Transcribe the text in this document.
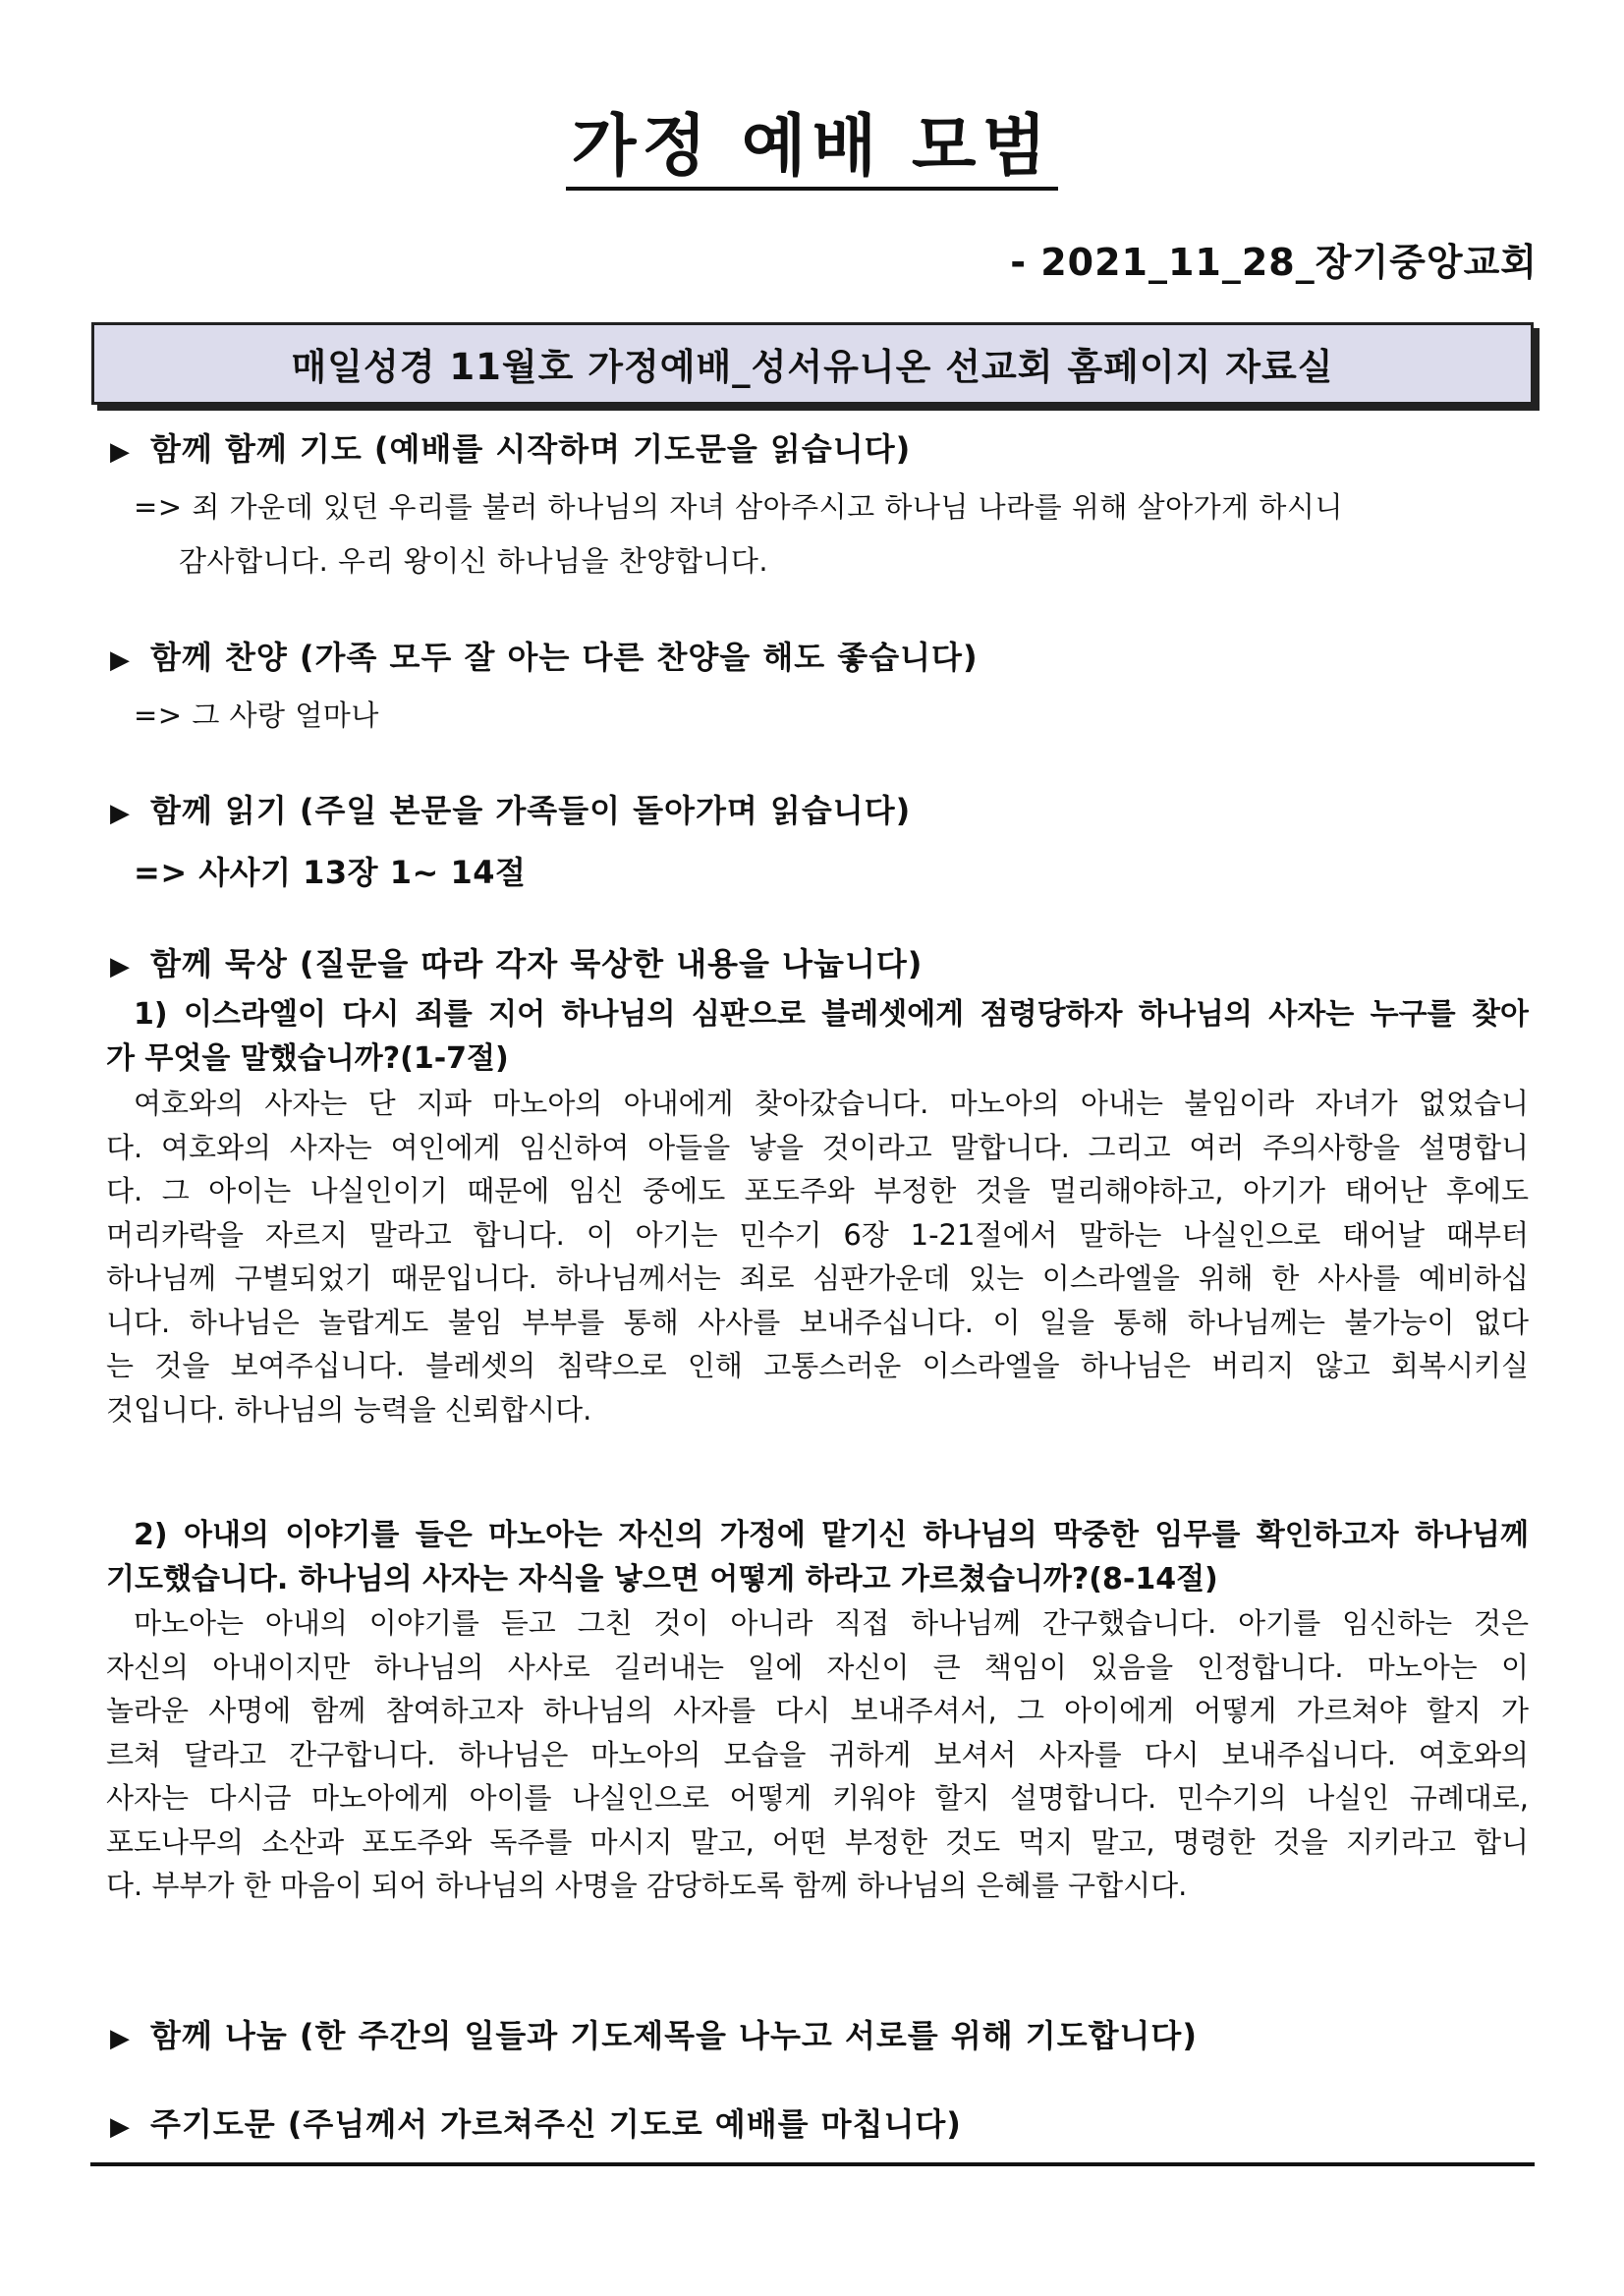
가정 예배 모범
- 2021_11_28_장기중앙교회
매일성경 11월호 가정예배_성서유니온 선교회 홈페이지 자료실
▶ 함께 함께 기도 (예배를 시작하며 기도문을 읽습니다)
=> 죄 가운데 있던 우리를 불러 하나님의 자녀 삼아주시고 하나님 나라를 위해 살아가게 하시니
감사합니다. 우리 왕이신 하나님을 찬양합니다.
▶ 함께 찬양 (가족 모두 잘 아는 다른 찬양을 해도 좋습니다)
=> 그 사랑 얼마나
▶ 함께 읽기 (주일 본문을 가족들이 돌아가며 읽습니다)
=> 사사기 13장 1~ 14절
▶ 함께 묵상 (질문을 따라 각자 묵상한 내용을 나눕니다)
1) 이스라엘이 다시 죄를 지어 하나님의 심판으로 블레셋에게 점령당하자 하나님의 사자는 누구를 찾아
가 무엇을 말했습니까?(1-7절)
여호와의 사자는 단 지파 마노아의 아내에게 찾아갔습니다. 마노아의 아내는 불임이라 자녀가 없었습니
다. 여호와의 사자는 여인에게 임신하여 아들을 낳을 것이라고 말합니다. 그리고 여러 주의사항을 설명합니
다. 그 아이는 나실인이기 때문에 임신 중에도 포도주와 부정한 것을 멀리해야하고, 아기가 태어난 후에도
머리카락을 자르지 말라고 합니다. 이 아기는 민수기 6장 1-21절에서 말하는 나실인으로 태어날 때부터
하나님께 구별되었기 때문입니다. 하나님께서는 죄로 심판가운데 있는 이스라엘을 위해 한 사사를 예비하십
니다. 하나님은 놀랍게도 불임 부부를 통해 사사를 보내주십니다. 이 일을 통해 하나님께는 불가능이 없다
는 것을 보여주십니다. 블레셋의 침략으로 인해 고통스러운 이스라엘을 하나님은 버리지 않고 회복시키실
것입니다. 하나님의 능력을 신뢰합시다.
2) 아내의 이야기를 들은 마노아는 자신의 가정에 맡기신 하나님의 막중한 임무를 확인하고자 하나님께
기도했습니다. 하나님의 사자는 자식을 낳으면 어떻게 하라고 가르쳤습니까?(8-14절)
마노아는 아내의 이야기를 듣고 그친 것이 아니라 직접 하나님께 간구했습니다. 아기를 임신하는 것은
자신의 아내이지만 하나님의 사사로 길러내는 일에 자신이 큰 책임이 있음을 인정합니다. 마노아는 이
놀라운 사명에 함께 참여하고자 하나님의 사자를 다시 보내주셔서, 그 아이에게 어떻게 가르쳐야 할지 가
르쳐 달라고 간구합니다. 하나님은 마노아의 모습을 귀하게 보셔서 사자를 다시 보내주십니다. 여호와의
사자는 다시금 마노아에게 아이를 나실인으로 어떻게 키워야 할지 설명합니다. 민수기의 나실인 규례대로,
포도나무의 소산과 포도주와 독주를 마시지 말고, 어떤 부정한 것도 먹지 말고, 명령한 것을 지키라고 합니
다. 부부가 한 마음이 되어 하나님의 사명을 감당하도록 함께 하나님의 은혜를 구합시다.
▶ 함께 나눔 (한 주간의 일들과 기도제목을 나누고 서로를 위해 기도합니다)
▶ 주기도문 (주님께서 가르쳐주신 기도로 예배를 마칩니다)
